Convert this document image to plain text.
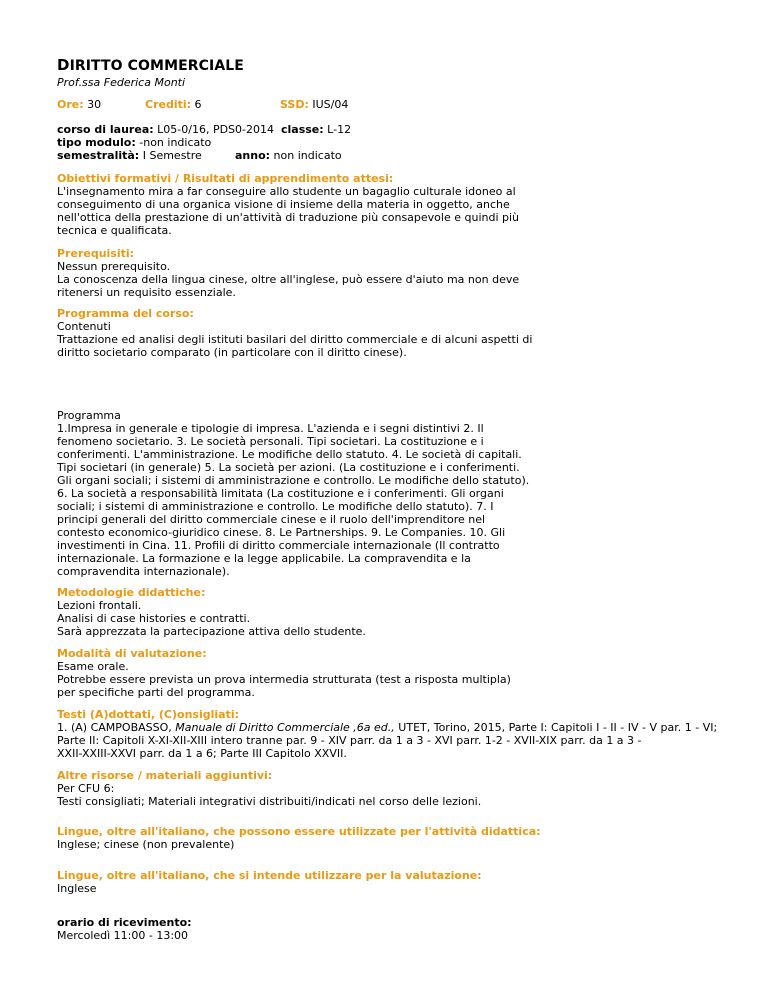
DIRITTO COMMERCIALE
Prof.ssa Federica Monti
Ore: 30	Crediti: 6	SSD: IUS/04
corso di laurea: L05-0/16, PDS0-2014 classe: L-12
tipo modulo: -non indicato
semestralità: I Semestre	anno: non indicato
Obiettivi formativi / Risultati di apprendimento attesi:
L'insegnamento mira a far conseguire allo studente un bagaglio culturale idoneo al
conseguimento di una organica visione di insieme della materia in oggetto, anche
nell'ottica della prestazione di un'attività di traduzione più consapevole e quindi più
tecnica e qualificata.
Prerequisiti:
Nessun prerequisito.
La conoscenza della lingua cinese, oltre all'inglese, può essere d'aiuto ma non deve
ritenersi un requisito essenziale.
Programma del corso:
Contenuti
Trattazione ed analisi degli istituti basilari del diritto commerciale e di alcuni aspetti di
diritto societario comparato (in particolare con il diritto cinese).
Programma
1.Impresa in generale e tipologie di impresa. L'azienda e i segni distintivi 2. Il
fenomeno societario. 3. Le società personali. Tipi societari. La costituzione e i
conferimenti. L'amministrazione. Le modifiche dello statuto. 4. Le società di capitali.
Tipi societari (in generale) 5. La società per azioni. (La costituzione e i conferimenti.
Gli organi sociali; i sistemi di amministrazione e controllo. Le modifiche dello statuto).
6. La società a responsabilità limitata (La costituzione e i conferimenti. Gli organi
sociali; i sistemi di amministrazione e controllo. Le modifiche dello statuto). 7. I
principi generali del diritto commerciale cinese e il ruolo dell'imprenditore nel
contesto economico-giuridico cinese. 8. Le Partnerships. 9. Le Companies. 10. Gli
investimenti in Cina. 11. Profili di diritto commerciale internazionale (Il contratto
internazionale. La formazione e la legge applicabile. La compravendita e la
compravendita internazionale).
Metodologie didattiche:
Lezioni frontali.
Analisi di case histories e contratti.
Sarà apprezzata la partecipazione attiva dello studente.
Modalità di valutazione:
Esame orale.
Potrebbe essere prevista un prova intermedia strutturata (test a risposta multipla)
per specifiche parti del programma.
Testi (A)dottati, (C)onsigliati:
1. (A) CAMPOBASSO, Manuale di Diritto Commerciale ,6a ed., UTET, Torino, 2015, Parte I: Capitoli I - II - IV - V par. 1 - VI;
Parte II: Capitoli X-XI-XII-XIII intero tranne par. 9 - XIV parr. da 1 a 3 - XVI parr. 1-2 - XVII-XIX parr. da 1 a 3 -
XXII-XXIII-XXVI parr. da 1 a 6; Parte III Capitolo XXVII.
Altre risorse / materiali aggiuntivi:
Per CFU 6:
Testi consigliati; Materiali integrativi distribuiti/indicati nel corso delle lezioni.
Lingue, oltre all'italiano, che possono essere utilizzate per l'attività didattica:
Inglese; cinese (non prevalente)
Lingue, oltre all'italiano, che si intende utilizzare per la valutazione:
Inglese
orario di ricevimento:
Mercoledì 11:00 - 13:00
